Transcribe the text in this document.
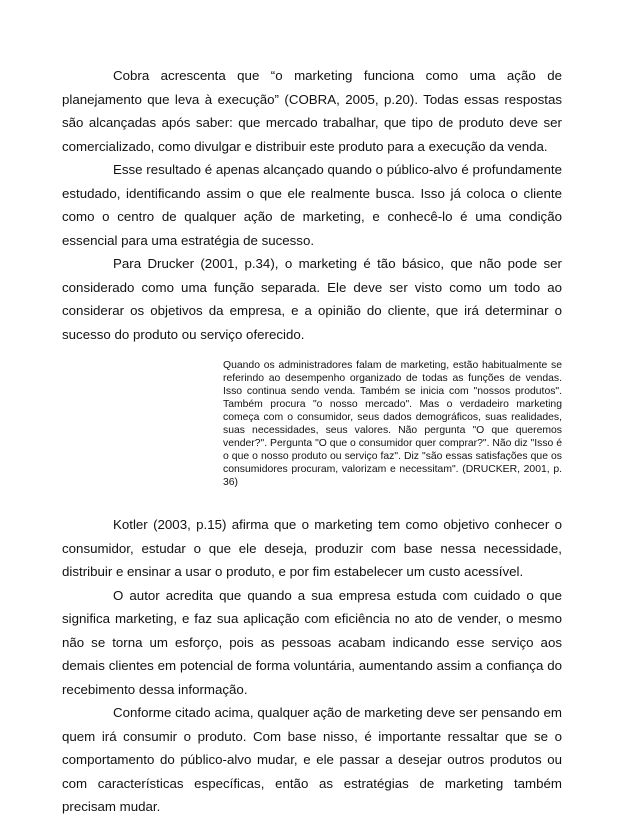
Cobra acrescenta que “o marketing funciona como uma ação de planejamento que leva à execução” (COBRA, 2005, p.20). Todas essas respostas são alcançadas após saber: que mercado trabalhar, que tipo de produto deve ser comercializado, como divulgar e distribuir este produto para a execução da venda.

Esse resultado é apenas alcançado quando o público-alvo é profundamente estudado, identificando assim o que ele realmente busca. Isso já coloca o cliente como o centro de qualquer ação de marketing, e conhecê-lo é uma condição essencial para uma estratégia de sucesso.

Para Drucker (2001, p.34), o marketing é tão básico, que não pode ser considerado como uma função separada. Ele deve ser visto como um todo ao considerar os objetivos da empresa, e a opinião do cliente, que irá determinar o sucesso do produto ou serviço oferecido.

Quando os administradores falam de marketing, estão habitualmente se referindo ao desempenho organizado de todas as funções de vendas. Isso continua sendo venda. Também se inicia com "nossos produtos". Também procura "o nosso mercado". Mas o verdadeiro marketing começa com o consumidor, seus dados demográficos, suas realidades, suas necessidades, seus valores. Não pergunta "O que queremos vender?". Pergunta "O que o consumidor quer comprar?". Não diz "Isso é o que o nosso produto ou serviço faz". Diz "são essas satisfações que os consumidores procuram, valorizam e necessitam". (DRUCKER, 2001, p. 36)

Kotler (2003, p.15) afirma que o marketing tem como objetivo conhecer o consumidor, estudar o que ele deseja, produzir com base nessa necessidade, distribuir e ensinar a usar o produto, e por fim estabelecer um custo acessível.

O autor acredita que quando a sua empresa estuda com cuidado o que significa marketing, e faz sua aplicação com eficiência no ato de vender, o mesmo não se torna um esforço, pois as pessoas acabam indicando esse serviço aos demais clientes em potencial de forma voluntária, aumentando assim a confiança do recebimento dessa informação.

Conforme citado acima, qualquer ação de marketing deve ser pensando em quem irá consumir o produto. Com base nisso, é importante ressaltar que se o comportamento do público-alvo mudar, e ele passar a desejar outros produtos ou com características específicas, então as estratégias de marketing também precisam mudar.
